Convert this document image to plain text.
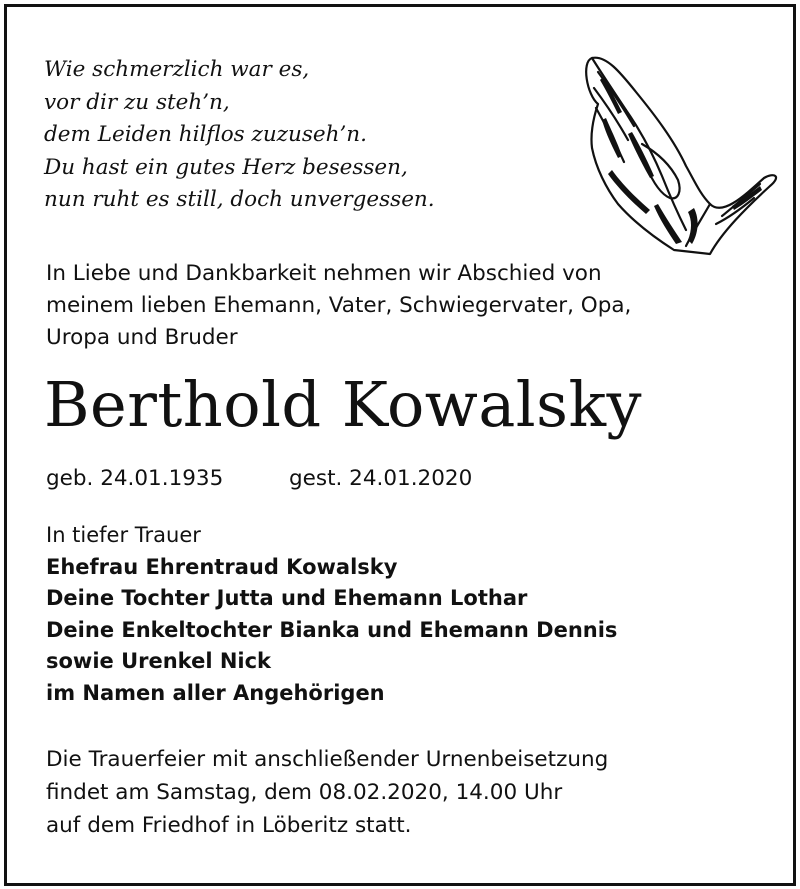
Wie schmerzlich war es,
vor dir zu steh’n,
dem Leiden hilflos zuzuseh’n.
Du hast ein gutes Herz besessen,
nun ruht es still, doch unvergessen.
In Liebe und Dankbarkeit nehmen wir Abschied von
meinem lieben Ehemann, Vater, Schwiegervater, Opa,
Uropa und Bruder
Berthold Kowalsky
geb. 24.01.1935	gest. 24.01.2020
In tiefer Trauer
Ehefrau Ehrentraud Kowalsky
Deine Tochter Jutta und Ehemann Lothar
Deine Enkeltochter Bianka und Ehemann Dennis
sowie Urenkel Nick
im Namen aller Angehörigen
Die Trauerfeier mit anschließender Urnenbeisetzung
findet am Samstag, dem 08.02.2020, 14.00 Uhr
auf dem Friedhof in Löberitz statt.
